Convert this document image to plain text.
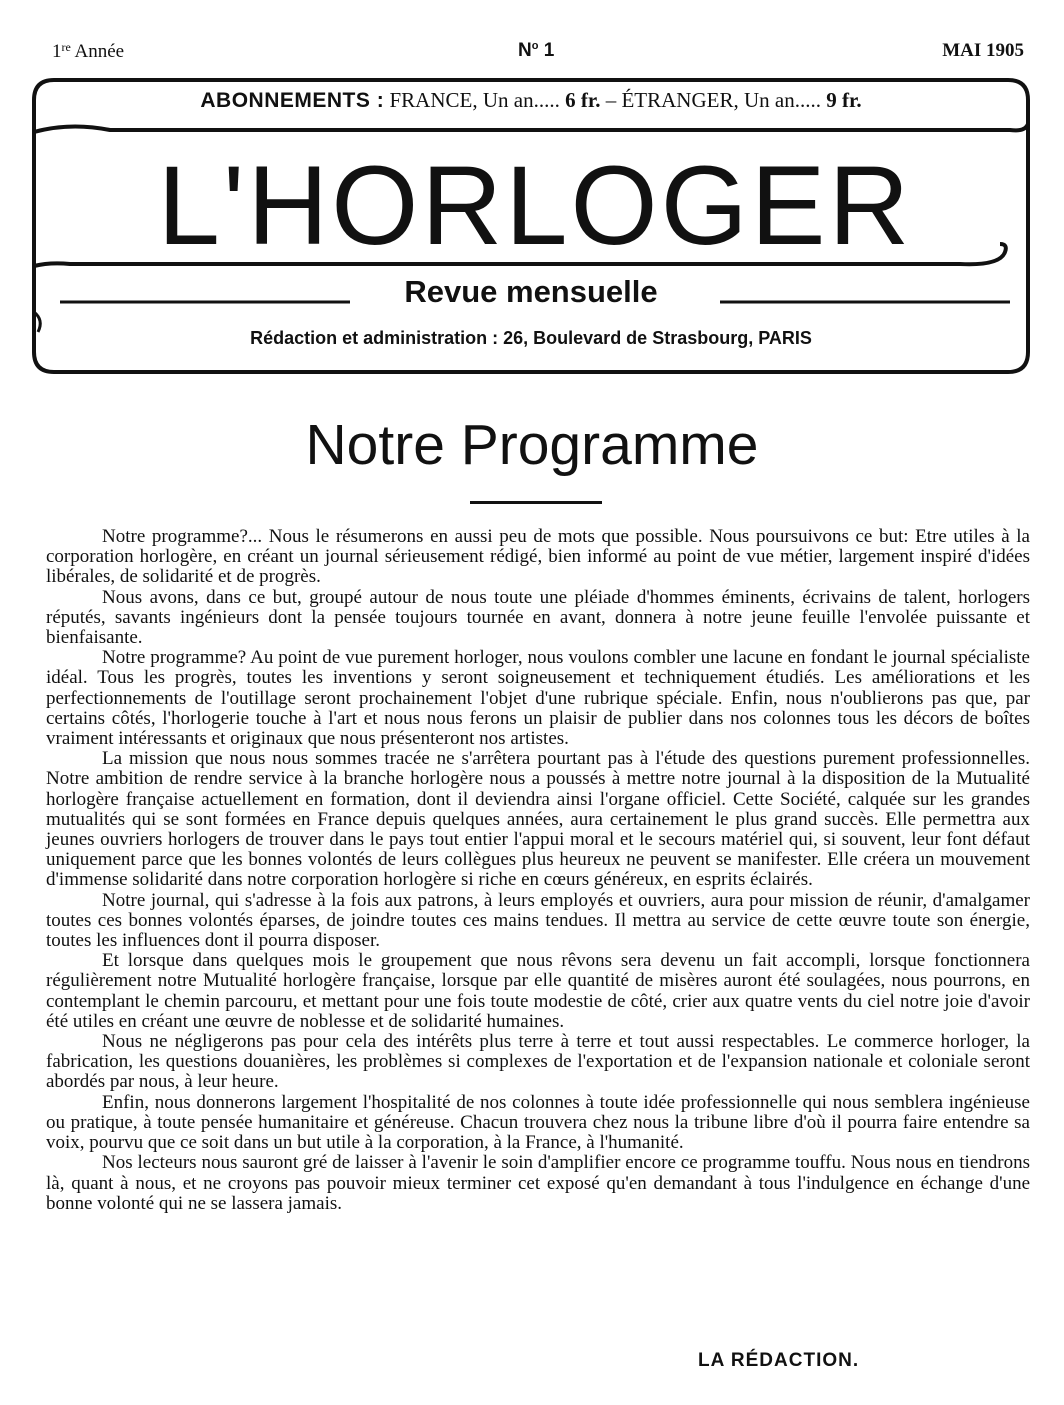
1re Année	$N^o$ 1	MAI 1905
ABONNEMENTS : FRANCE, Un an..... 6 fr. – ÉTRANGER, Un an..... 9 fr.
L'HORLOGER
Revue mensuelle
Rédaction et administration : 26, Boulevard de Strasbourg, PARIS
Notre Programme

Notre programme?... Nous le résumerons en aussi peu de mots que possible. Nous poursuivons ce but: Etre utiles à la corporation horlogère, en créant un journal sérieusement rédigé, bien informé au point de vue métier, largement inspiré d'idées libérales, de solidarité et de progrès.

Nous avons, dans ce but, groupé autour de nous toute une pléiade d'hommes éminents, écrivains de talent, horlogers réputés, savants ingénieurs dont la pensée toujours tournée en avant, donnera à notre jeune feuille l'envolée puissante et bienfaisante.

Notre programme? Au point de vue purement horloger, nous voulons combler une lacune en fondant le journal spécialiste idéal. Tous les progrès, toutes les inventions y seront soigneusement et techniquement étudiés. Les améliorations et les perfectionnements de l'outillage seront prochainement l'objet d'une rubrique spéciale. Enfin, nous n'oublierons pas que, par certains côtés, l'horlogerie touche à l'art et nous nous ferons un plaisir de publier dans nos colonnes tous les décors de boîtes vraiment intéressants et originaux que nous présenteront nos artistes.

La mission que nous nous sommes tracée ne s'arrêtera pourtant pas à l'étude des questions purement professionnelles. Notre ambition de rendre service à la branche horlogère nous a poussés à mettre notre journal à la disposition de la Mutualité horlogère française actuellement en formation, dont il deviendra ainsi l'organe officiel. Cette Société, calquée sur les grandes mutualités qui se sont formées en France depuis quelques années, aura certainement le plus grand succès. Elle permettra aux jeunes ouvriers horlogers de trouver dans le pays tout entier l'appui moral et le secours matériel qui, si souvent, leur font défaut uniquement parce que les bonnes volontés de leurs collègues plus heureux ne peuvent se manifester. Elle créera un mouvement d'immense solidarité dans notre corporation horlogère si riche en cœurs généreux, en esprits éclairés.

Notre journal, qui s'adresse à la fois aux patrons, à leurs employés et ouvriers, aura pour mission de réunir, d'amalgamer toutes ces bonnes volontés éparses, de joindre toutes ces mains tendues. Il mettra au service de cette œuvre toute son énergie, toutes les influences dont il pourra disposer.

Et lorsque dans quelques mois le groupement que nous rêvons sera devenu un fait accompli, lorsque fonctionnera régulièrement notre Mutualité horlogère française, lorsque par elle quantité de misères auront été soulagées, nous pourrons, en contemplant le chemin parcouru, et mettant pour une fois toute modestie de côté, crier aux quatre vents du ciel notre joie d'avoir été utiles en créant une œuvre de noblesse et de solidarité humaines.

Nous ne négligerons pas pour cela des intérêts plus terre à terre et tout aussi respectables. Le commerce horloger, la fabrication, les questions douanières, les problèmes si complexes de l'exportation et de l'expansion nationale et coloniale seront abordés par nous, à leur heure.

Enfin, nous donnerons largement l'hospitalité de nos colonnes à toute idée professionnelle qui nous semblera ingénieuse ou pratique, à toute pensée humanitaire et généreuse. Chacun trouvera chez nous la tribune libre d'où il pourra faire entendre sa voix, pourvu que ce soit dans un but utile à la corporation, à la France, à l'humanité.

Nos lecteurs nous sauront gré de laisser à l'avenir le soin d'amplifier encore ce programme touffu. Nous nous en tiendrons là, quant à nous, et ne croyons pas pouvoir mieux terminer cet exposé qu'en demandant à tous l'indulgence en échange d'une bonne volonté qui ne se lassera jamais.

LA RÉDACTION.
